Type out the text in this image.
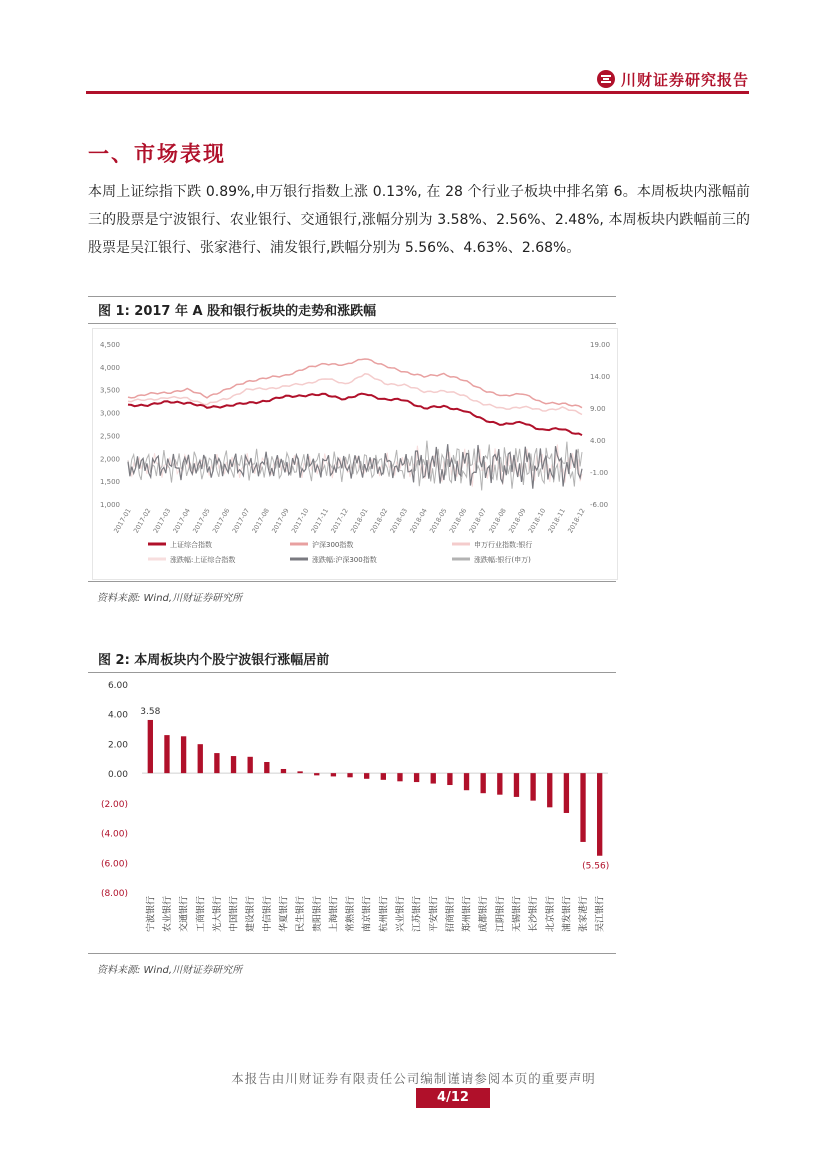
川财证券研究报告
一、市场表现

本周上证综指下跌 0.89%,申万银行指数上涨 0.13%, 在 28 个行业子板块中排名第 6。本周板块内涨幅前三的股票是宁波银行、农业银行、交通银行,涨幅分别为 3.58%、2.56%、2.48%, 本周板块内跌幅前三的股票是吴江银行、张家港行、浦发银行,跌幅分别为 5.56%、4.63%、2.68%。

图 1: 2017 年 A 股和银行板块的走势和涨跌幅
4,500
4,000
3,500
3,000
2,500
2,000
1,500
1,000
19.00
14.00
9.00
4.00
-1.00
-6.00
2017-01 2017-02 2017-03 2017-04 2017-05 2017-06 2017-07 2017-08 2017-09 2017-10 2017-11 2017-12 2018-01 2018-02 2018-03 2018-04 2018-05 2018-06 2018-07 2018-08 2018-09 2018-10 2018-11 2018-12
上证综合指数	沪深300指数	申万行业指数:银行
涨跌幅:上证综合指数	涨跌幅:沪深300指数	涨跌幅:银行(申万)
资料来源: Wind,川财证券研究所
图 2: 本周板块内个股宁波银行涨幅居前
6.00
4.00
2.00
0.00
(2.00)
(4.00)
(6.00)
(8.00)
宁波银行 农业银行 交通银行 工商银行 光大银行 中国银行 建设银行 中信银行 华夏银行 民生银行 贵阳银行 上海银行 常熟银行 南京银行 杭州银行 兴业银行 江苏银行 平安银行 招商银行 郑州银行 成都银行 江阴银行 无锡银行 长沙银行 北京银行 浦发银行 张家港行 吴江银行
3.58
(5.56)
资料来源: Wind,川财证券研究所
本报告由川财证券有限责任公司编制谨请参阅本页的重要声明
4/12
